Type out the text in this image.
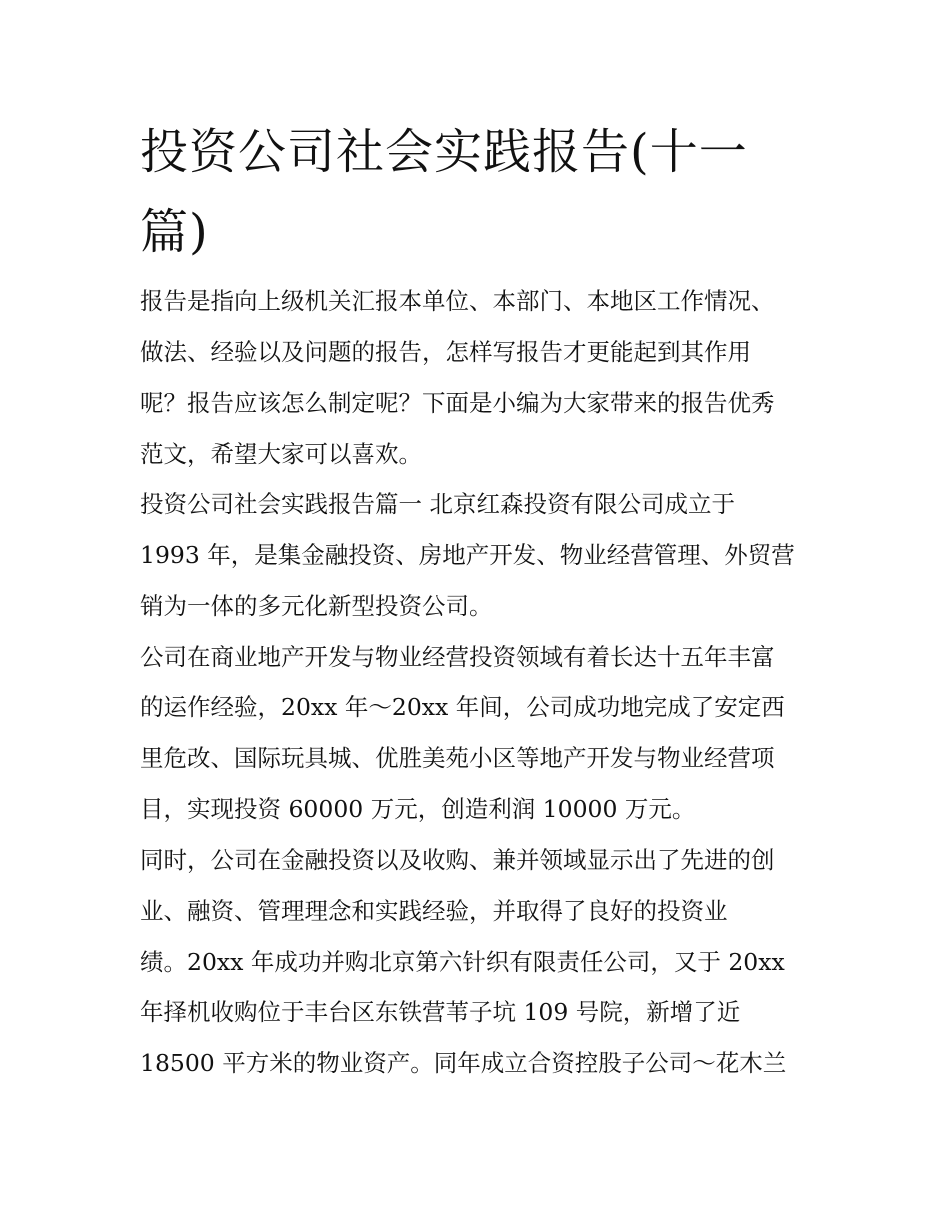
投资公司社会实践报告(十一
篇)

报告是指向上级机关汇报本单位、本部门、本地区工作情况、

做法、经验以及问题的报告，怎样写报告才更能起到其作用

呢？报告应该怎么制定呢？下面是小编为大家带来的报告优秀

范文，希望大家可以喜欢。

投资公司社会实践报告篇一 北京红森投资有限公司成立于

1993 年，是集金融投资、房地产开发、物业经营管理、外贸营

销为一体的多元化新型投资公司。

公司在商业地产开发与物业经营投资领域有着长达十五年丰富

的运作经验，20xx 年～20xx 年间，公司成功地完成了安定西

里危改、国际玩具城、优胜美苑小区等地产开发与物业经营项

目，实现投资 60000 万元，创造利润 10000 万元。

同时，公司在金融投资以及收购、兼并领域显示出了先进的创

业、融资、管理理念和实践经验，并取得了良好的投资业

绩。20xx 年成功并购北京第六针织有限责任公司，又于 20xx

年择机收购位于丰台区东铁营苇子坑 109 号院，新增了近

18500 平方米的物业资产。同年成立合资控股子公司～花木兰
